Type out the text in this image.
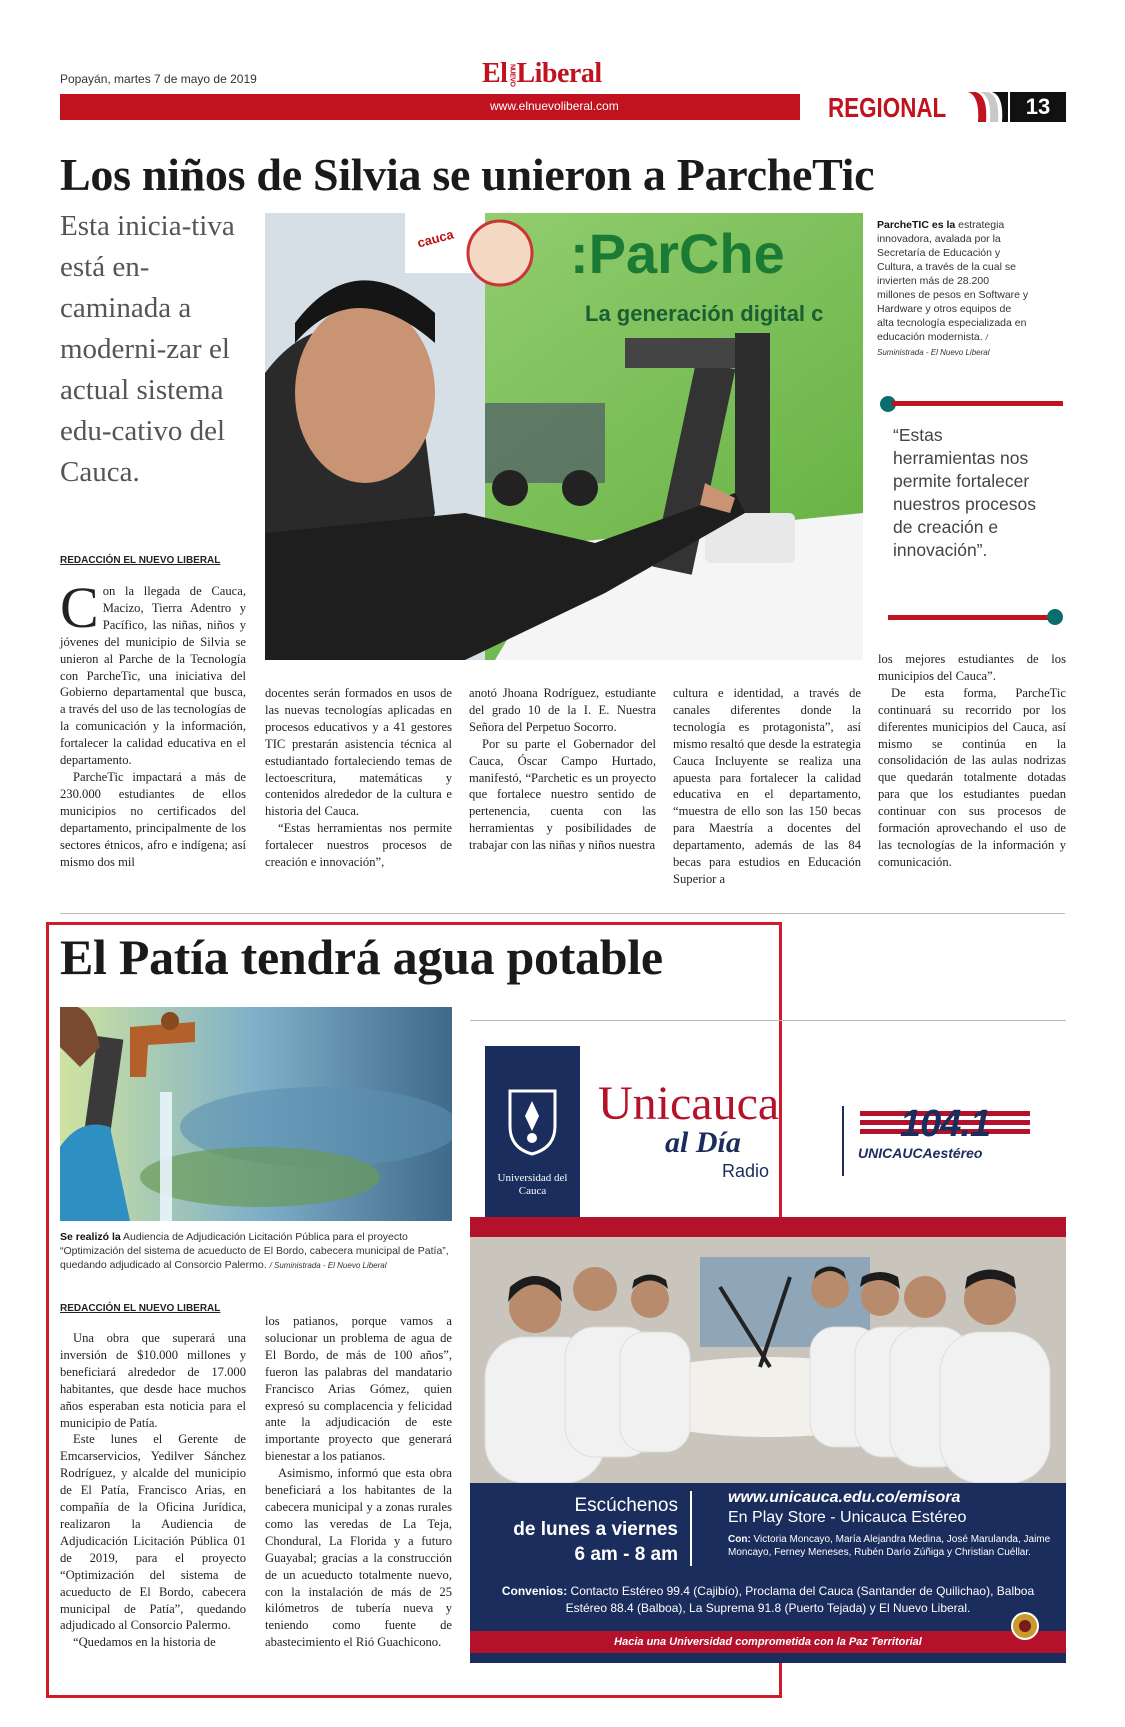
Popayán, martes 7 de mayo de 2019	ElNUEVOLiberal
www.elnuevoliberal.com	REGIONAL	13
Los niños de Silvia se unieron a ParcheTic
Esta inicia-tiva está en-caminada a moderni-zar el actual sistema edu-cativo del Cauca.
REDACCIÓN EL NUEVO LIBERAL
:ParChe
La generación digital c
cauca
ParcheTIC es la estrategia innovadora, avalada por la Secretaría de Educación y Cultura, a través de la cual se invierten más de 28.200 millones de pesos en Software y Hardware y otros equipos de alta tecnología especializada en educación modernista. / Suministrada - El Nuevo Liberal
“Estas herramientas nos permite fortalecer nuestros procesos de creación e innovación”.

Con la llegada de Cauca, Macizo, Tierra Adentro y Pacífico, las niñas, niños y jóvenes del municipio de Silvia se unieron al Parche de la Tecnología con ParcheTic, una iniciativa del Gobierno departamental que busca, a través del uso de las tecnologías de la comunicación y la información, fortalecer la calidad educativa en el departamento.

ParcheTic impactará a más de 230.000 estudiantes de ellos municipios no certificados del departamento, principalmente de los sectores étnicos, afro e indígena; así mismo dos mil

docentes serán formados en usos de las nuevas tecnologías aplicadas en procesos educativos y a 41 gestores TIC prestarán asistencia técnica al estudiantado fortaleciendo temas de lectoescritura, matemáticas y contenidos alrededor de la cultura e historia del Cauca.

“Estas herramientas nos permite fortalecer nuestros procesos de creación e innovación”,

anotó Jhoana Rodríguez, estudiante del grado 10 de la I. E. Nuestra Señora del Perpetuo Socorro.

Por su parte el Gobernador del Cauca, Óscar Campo Hurtado, manifestó, “Parchetic es un proyecto que fortalece nuestro sentido de pertenencia, cuenta con las herramientas y posibilidades de trabajar con las niñas y niños nuestra

cultura e identidad, a través de canales diferentes donde la tecnología es protagonista”, así mismo resaltó que desde la estrategia Cauca Incluyente se realiza una apuesta para fortalecer la calidad educativa en el departamento, “muestra de ello son las 150 becas para Maestría a docentes del departamento, además de las 84 becas para estudios en Educación Superior a

los mejores estudiantes de los municipios del Cauca”.

De esta forma, ParcheTic continuará su recorrido por los diferentes municipios del Cauca, así mismo se continúa en la consolidación de las aulas nodrizas que quedarán totalmente dotadas para que los estudiantes puedan continuar con sus procesos de formación aprovechando el uso de las tecnologías de la información y comunicación.

El Patía tendrá agua potable
Se realizó la Audiencia de Adjudicación Licitación Pública para el proyecto “Optimización del sistema de acueducto de El Bordo, cabecera municipal de Patía”, quedando adjudicado al Consorcio Palermo. / Suministrada - El Nuevo Liberal
REDACCIÓN EL NUEVO LIBERAL

Una obra que superará una inversión de $10.000 millones y beneficiará alrededor de 17.000 habitantes, que desde hace muchos años esperaban esta noticia para el municipio de Patía.

Este lunes el Gerente de Emcarservicios, Yedilver Sánchez Rodríguez, y alcalde del municipio de El Patía, Francisco Arias, en compañía de la Oficina Jurídica, realizaron la Audiencia de Adjudicación Licitación Pública 01 de 2019, para el proyecto “Optimización del sistema de acueducto de El Bordo, cabecera municipal de Patía”, quedando adjudicado al Consorcio Palermo.

“Quedamos en la historia de

los patianos, porque vamos a solucionar un problema de agua de El Bordo, de más de 100 años”, fueron las palabras del mandatario Francisco Arias Gómez, quien expresó su complacencia y felicidad ante la adjudicación de este importante proyecto que generará bienestar a los patianos.

Asimismo, informó que esta obra beneficiará a los habitantes de la cabecera municipal y a zonas rurales como las veredas de La Teja, Chondural, La Florida y a futuro Guayabal; gracias a la construcción de un acueducto totalmente nuevo, con la instalación de más de 25 kilómetros de tubería nueva y teniendo como fuente de abastecimiento el Rió Guachicono.

Universidad del Cauca
Unicauca
al Día
Radio
104.1
UNICAUCAestéreo
Escúchenos
de lunes a viernes
6 am - 8 am
www.unicauca.edu.co/emisora
En Play Store - Unicauca Estéreo
Con: Victoria Moncayo, María Alejandra Medina, José Marulanda, Jaime Moncayo, Ferney Meneses, Rubén Darío Zúñiga y Christian Cuéllar.
Convenios: Contacto Estéreo 99.4 (Cajibío), Proclama del Cauca (Santander de Quilichao), Balboa Estéreo 88.4 (Balboa), La Suprema 91.8 (Puerto Tejada) y El Nuevo Liberal.
Hacia una Universidad comprometida con la Paz Territorial
